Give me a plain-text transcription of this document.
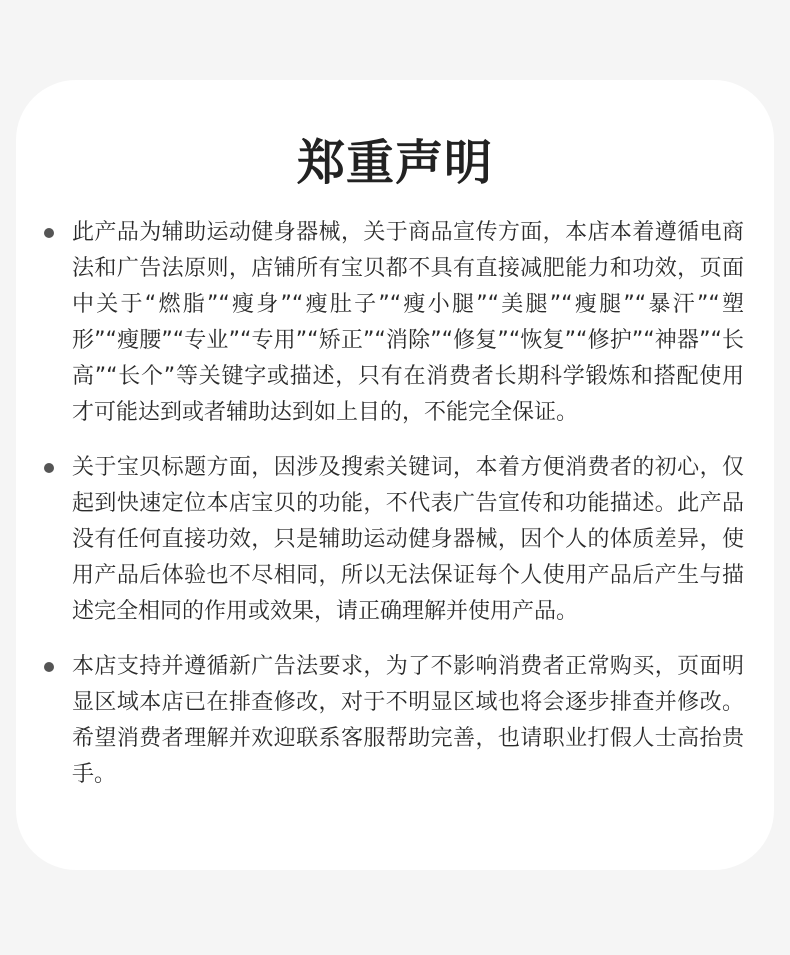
郑重声明
此产品为辅助运动健身器械，关于商品宣传方面，本店本着遵循电商法和广告法原则，店铺所有宝贝都不具有直接减肥能力和功效，页面中关于“燃脂”“瘦身”“瘦肚子”“瘦小腿”“美腿”“瘦腿”“暴汗”“塑形”“瘦腰”“专业”“专用”“矫正”“消除”“修复”“恢复”“修护”“神器”“长高”“长个”等关键字或描述，只有在消费者长期科学锻炼和搭配使用才可能达到或者辅助达到如上目的，不能完全保证。
关于宝贝标题方面，因涉及搜索关键词，本着方便消费者的初心，仅起到快速定位本店宝贝的功能，不代表广告宣传和功能描述。此产品没有任何直接功效，只是辅助运动健身器械，因个人的体质差异，使用产品后体验也不尽相同，所以无法保证每个人使用产品后产生与描述完全相同的作用或效果，请正确理解并使用产品。
本店支持并遵循新广告法要求，为了不影响消费者正常购买，页面明显区域本店已在排查修改，对于不明显区域也将会逐步排查并修改。希望消费者理解并欢迎联系客服帮助完善，也请职业打假人士高抬贵手。
